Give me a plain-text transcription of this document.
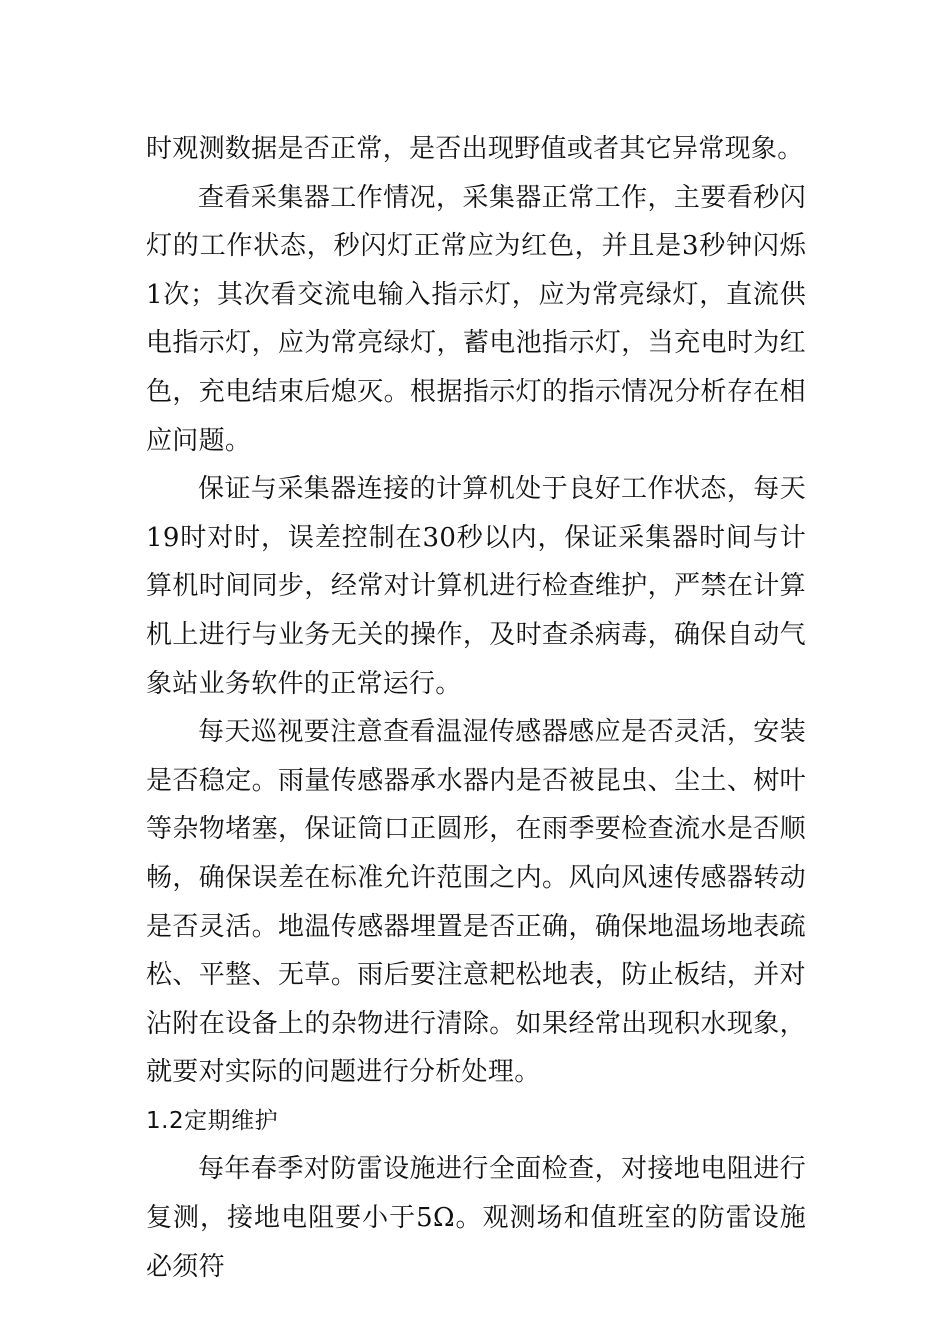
时观测数据是否正常，是否出现野值或者其它异常现象。

查看采集器工作情况，采集器正常工作，主要看秒闪灯的工作状态，秒闪灯正常应为红色，并且是3秒钟闪烁1次；其次看交流电输入指示灯，应为常亮绿灯，直流供电指示灯，应为常亮绿灯，蓄电池指示灯，当充电时为红色，充电结束后熄灭。根据指示灯的指示情况分析存在相应问题。

保证与采集器连接的计算机处于良好工作状态，每天19时对时，误差控制在30秒以内，保证采集器时间与计算机时间同步，经常对计算机进行检查维护，严禁在计算机上进行与业务无关的操作，及时查杀病毒，确保自动气象站业务软件的正常运行。

每天巡视要注意查看温湿传感器感应是否灵活，安装是否稳定。雨量传感器承水器内是否被昆虫、尘土、树叶等杂物堵塞，保证筒口正圆形，在雨季要检查流水是否顺畅，确保误差在标准允许范围之内。风向风速传感器转动是否灵活。地温传感器埋置是否正确，确保地温场地表疏松、平整、无草。雨后要注意耙松地表，防止板结，并对沾附在设备上的杂物进行清除。如果经常出现积水现象，就要对实际的问题进行分析处理。

1.2定期维护

每年春季对防雷设施进行全面检查，对接地电阻进行复测，接地电阻要小于5Ω。观测场和值班室的防雷设施必须符
